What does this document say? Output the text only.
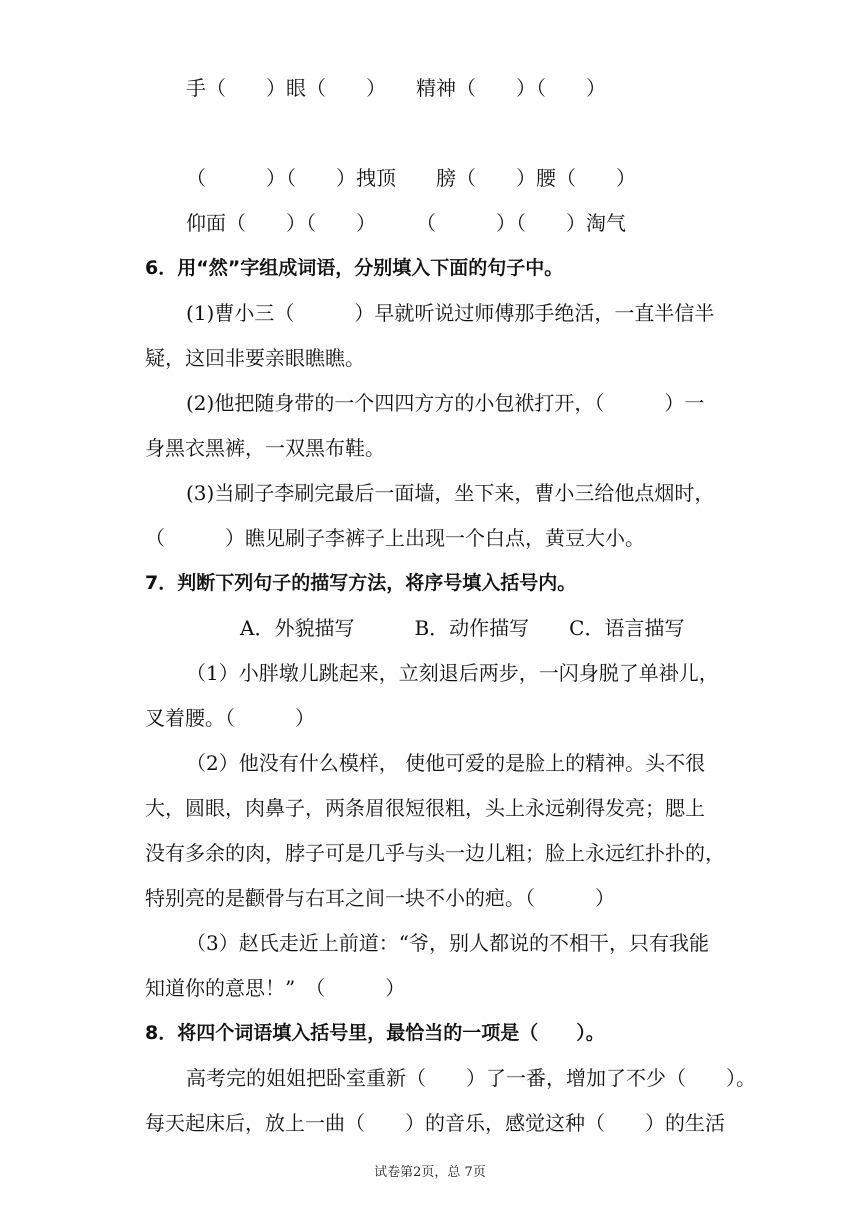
手（　　）眼（　　）　　精神（　　）（　　）
（　　　）（　　）拽顶　　膀（　　）腰（　　）
仰面（　　）（　　）　　　（　　　）（　　）淘气
6．用“然”字组成词语，分别填入下面的句子中。
(1)曹小三（　　　）早就听说过师傅那手绝活，一直半信半
疑，这回非要亲眼瞧瞧。
(2)他把随身带的一个四四方方的小包袱打开，（　　　）一
身黑衣黑裤，一双黑布鞋。
(3)当刷子李刷完最后一面墙，坐下来，曹小三给他点烟时，
（　　　）瞧见刷子李裤子上出现一个白点，黄豆大小。
7．判断下列句子的描写方法，将序号填入括号内。
A．外貌描写　　　B．动作描写　　C．语言描写
（1）小胖墩儿跳起来，立刻退后两步，一闪身脱了单褂儿，
叉着腰。（　　　）
（2）他没有什么模样， 使他可爱的是脸上的精神。头不很
大，圆眼，肉鼻子，两条眉很短很粗，头上永远剃得发亮；腮上
没有多余的肉，脖子可是几乎与头一边儿粗；脸上永远红扑扑的，
特别亮的是颧骨与右耳之间一块不小的疤。（　　　）
（3）赵氏走近上前道：“爷，别人都说的不相干，只有我能
知道你的意思！”　（　　　）
8．将四个词语填入括号里，最恰当的一项是（　　）。
高考完的姐姐把卧室重新（　　）了一番，增加了不少（　　）。
每天起床后，放上一曲（　　）的音乐，感觉这种（　　）的生活
试卷第2页，总 7页
